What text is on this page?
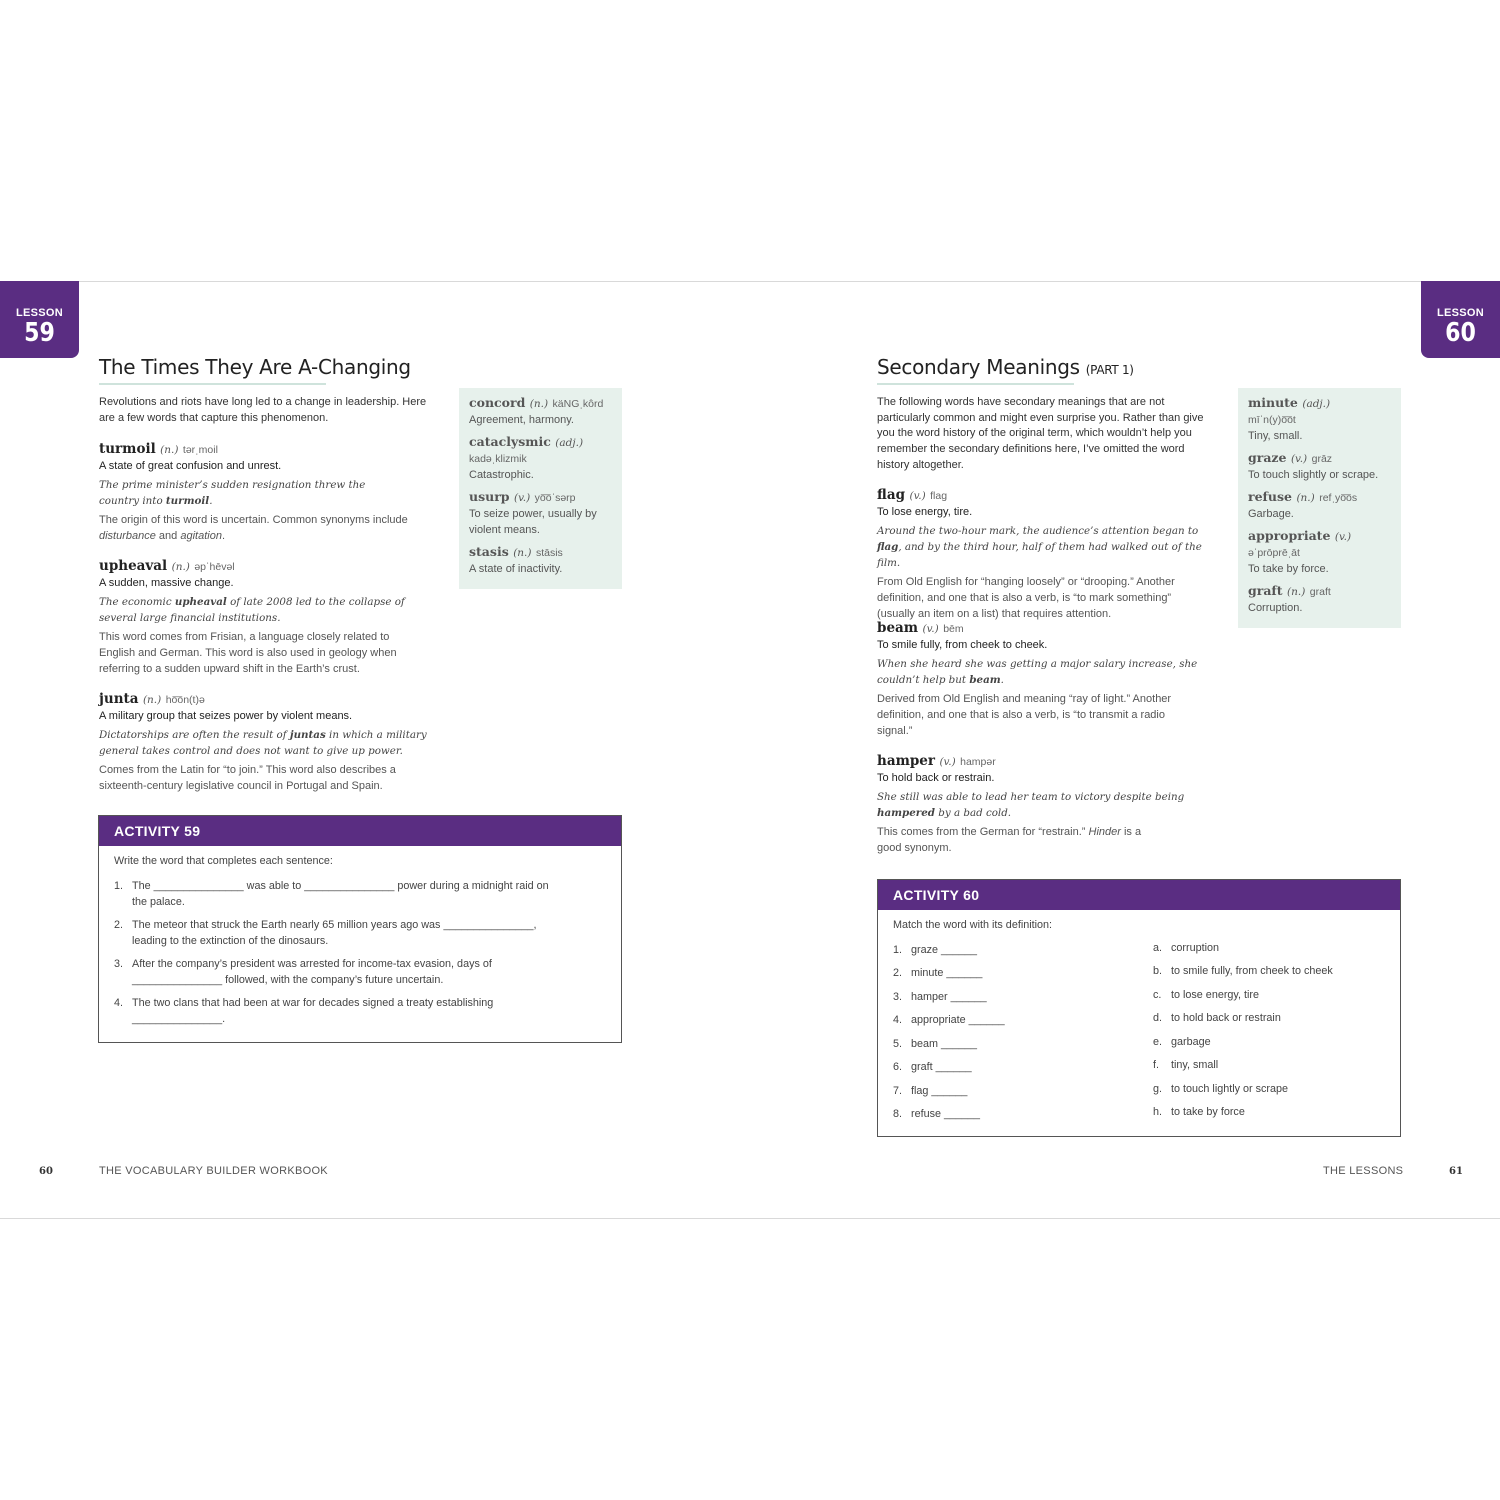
LESSON
59
The Times They Are A-Changing
Revolutions and riots have long led to a change in leadership. Here are a few words that capture this phenomenon.
turmoil (n.) tərˌmoil
A state of great confusion and unrest.
The prime minister’s sudden resignation threw the country into turmoil.
The origin of this word is uncertain. Common synonyms include disturbance and agitation.
upheaval (n.) əpˈhēvəl
A sudden, massive change.
The economic upheaval of late 2008 led to the collapse of several large financial institutions.
This word comes from Frisian, a language closely related to English and German. This word is also used in geology when referring to a sudden upward shift in the Earth’s crust.
junta (n.) ho͞on(t)ə
A military group that seizes power by violent means.
Dictatorships are often the result of juntas in which a military general takes control and does not want to give up power.
Comes from the Latin for “to join.” This word also describes a sixteenth-century legislative council in Portugal and Spain.
concord (n.) käNGˌkôrd
Agreement, harmony.
cataclysmic (adj.)
kadəˌklizmik
Catastrophic.
usurp (v.) yo͞oˈsərp
To seize power, usually by violent means.
stasis (n.) stāsis
A state of inactivity.
ACTIVITY 59
Write the word that completes each sentence:
1. The _______________ was able to _______________ power during a midnight raid on
the palace.
2. The meteor that struck the Earth nearly 65 million years ago was _______________,
leading to the extinction of the dinosaurs.
3. After the company’s president was arrested for income-tax evasion, days of
_______________ followed, with the company’s future uncertain.
4. The two clans that had been at war for decades signed a treaty establishing
_______________.
60	THE VOCABULARY BUILDER WORKBOOK
LESSON
60
Secondary Meanings (PART 1)
The following words have secondary meanings that are not particularly common and might even surprise you. Rather than give you the word history of the original term, which wouldn’t help you remember the secondary definitions here, I’ve omitted the word history altogether.
flag (v.) flag
To lose energy, tire.
Around the two-hour mark, the audience’s attention began to flag, and by the third hour, half of them had walked out of the film.
From Old English for “hanging loosely” or “drooping.” Another definition, and one that is also a verb, is “to mark something” (usually an item on a list) that requires attention.
beam (v.) bēm
To smile fully, from cheek to cheek.
When she heard she was getting a major salary increase, she couldn’t help but beam.
Derived from Old English and meaning “ray of light.” Another definition, and one that is also a verb, is “to transmit a radio signal.”
hamper (v.) hampər
To hold back or restrain.
She still was able to lead her team to victory despite being hampered by a bad cold.
This comes from the German for “restrain.” Hinder is a good synonym.
minute (adj.)
mīˈn(y)o͞ot
Tiny, small.
graze (v.) grāz
To touch slightly or scrape.
refuse (n.) refˌyo͞os
Garbage.
appropriate (v.)
əˈprōprēˌāt
To take by force.
graft (n.) graft
Corruption.
ACTIVITY 60
Match the word with its definition:
1. graze ______
2. minute ______
3. hamper ______
4. appropriate ______
5. beam ______
6. graft ______
7. flag ______
8. refuse ______
a. corruption
b. to smile fully, from cheek to cheek
c. to lose energy, tire
d. to hold back or restrain
e. garbage
f. tiny, small
g. to touch lightly or scrape
h. to take by force
THE LESSONS	61
